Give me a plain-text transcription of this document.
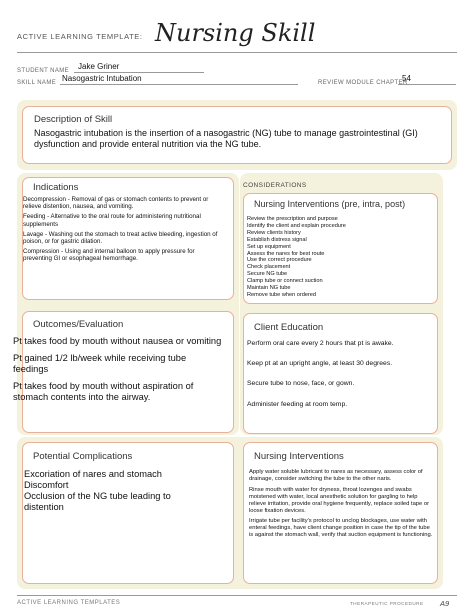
ACTIVE LEARNING TEMPLATE: Nursing Skill
STUDENT NAME Jake Griner
SKILL NAME Nasogastric Intubation	REVIEW MODULE CHAPTER
54
Description of Skill
Nasogastric intubation is the insertion of a nasogastric (NG) tube to manage gastrointestinal (GI) dysfunction and provide enteral nutrition via the NG tube.
Indications
Decompression - Removal of gas or stomach contents to prevent or relieve distention, nausea, and vomiting.
Feeding - Alternative to the oral route for administering nutritional supplements
Lavage - Washing out the stomach to treat active bleeding, ingestion of poison, or for gastric dilation.
Compression - Using and internal balloon to apply pressure for preventing GI or esophageal hemorrhage.
Outcomes/Evaluation
Pt takes food by mouth without nausea or vomiting
Pt gained 1/2 lb/week while receiving tube feedings
Pt takes food by mouth without aspiration of stomach contents into the airway.
CONSIDERATIONS
Nursing Interventions (pre, intra, post)
Review the prescription and purpose
Identify the client and explain procedure
Review clients history
Establish distress signal
Set up equipment
Assess the nares for best route
Use the correct procedure
Check placement
Secure NG tube
Clamp tube or connect suction
Maintain NG tube
Remove tube when ordered
Client Education
Perform oral care every 2 hours that pt is awake.
Keep pt at an upright angle, at least 30 degrees.
Secure tube to nose, face, or gown.
Administer feeding at room temp.
Potential Complications
Excoriation of nares and stomach
Discomfort
Occlusion of the NG tube leading to distention
Nursing Interventions
Apply water soluble lubricant to nares as necessary, assess color of drainage, consider switching the tube to the other naris.
Rinse mouth with water for dryness, throat lozenges and swabs moistened with water, local anesthetic solution for gargling to help relieve irritation, provide oral hygiene frequently, replace soiled tape or loose fixation devices.
Irrigate tube per facility's protocol to unclog blockages, use water with enteral feedings, have client change position in case the tip of the tube is against the stomach wall, verify that suction equipment is functioning.
ACTIVE LEARNING TEMPLATES	THERAPEUTIC PROCEDURE A9
